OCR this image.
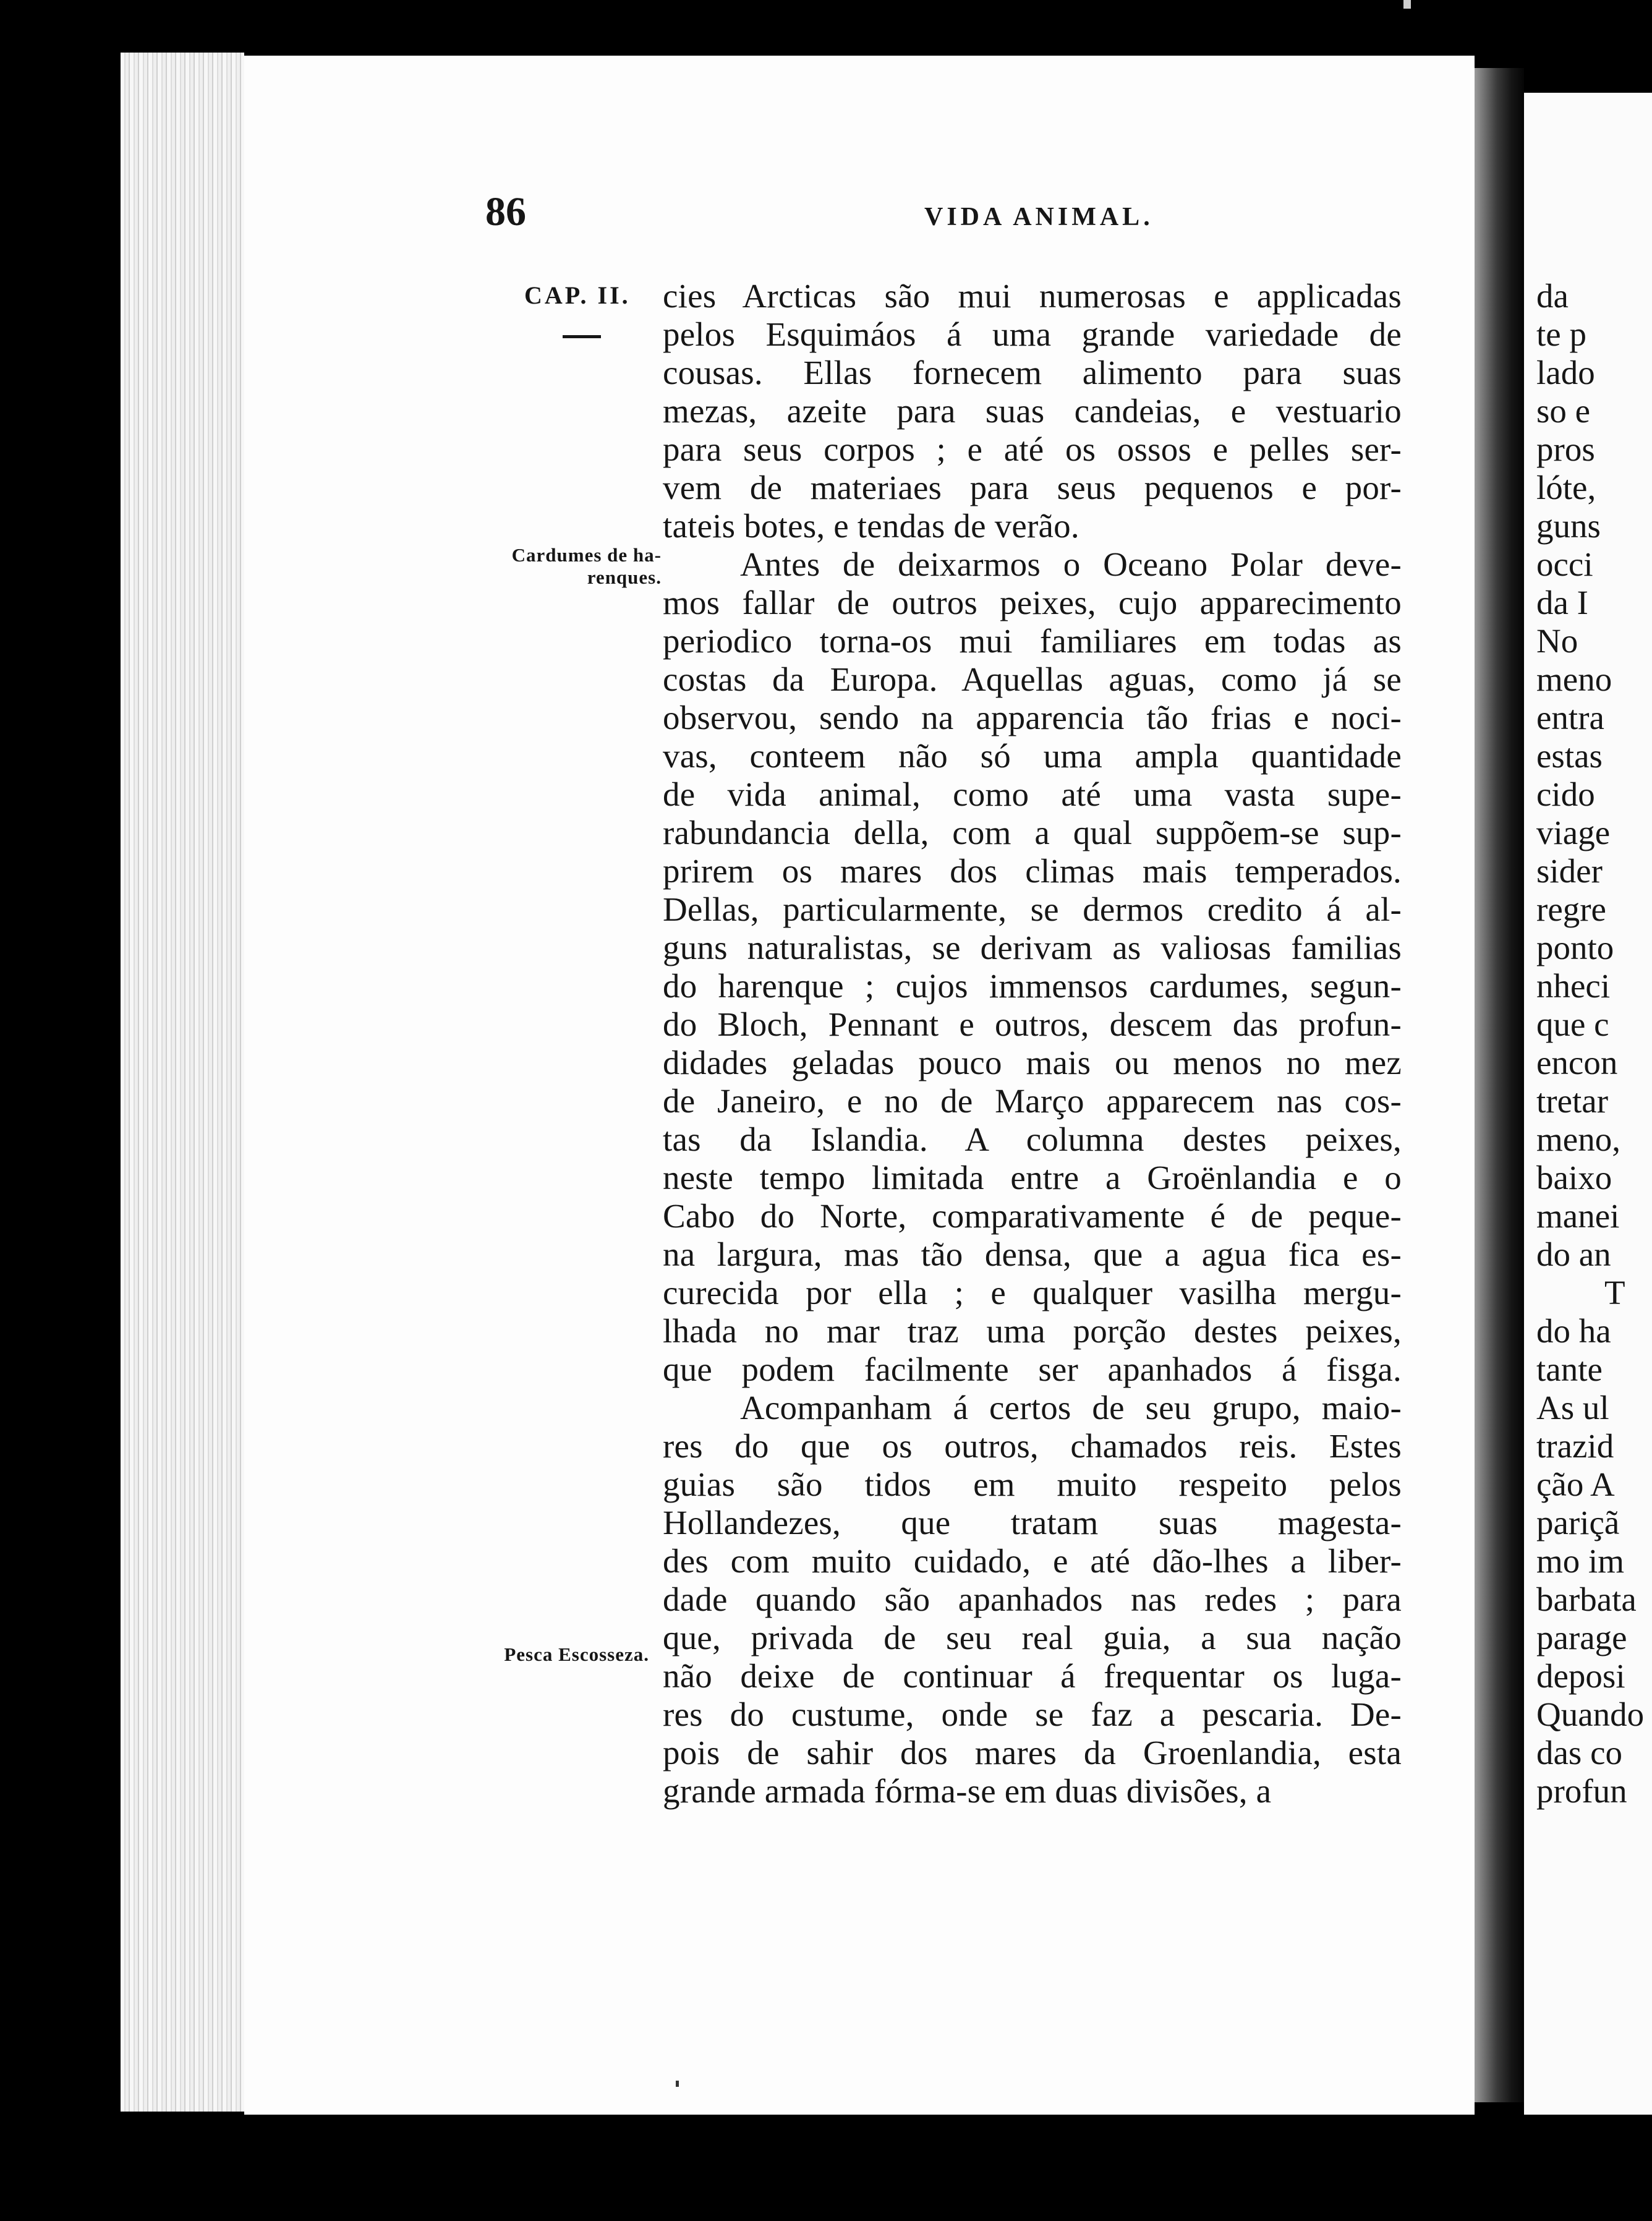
86	VIDA ANIMAL.
CAP. II.
Cardumes de ha-
renques.
Pesca Escosseza.
cies Arcticas são mui numerosas e applicadas
pelos Esquimáos á uma grande variedade de
cousas. Ellas fornecem alimento para suas
mezas, azeite para suas candeias, e vestuario
para seus corpos ; e até os ossos e pelles ser-
vem de materiaes para seus pequenos e por-
tateis botes, e tendas de verão.
Antes de deixarmos o Oceano Polar deve-
mos fallar de outros peixes, cujo apparecimento
periodico torna-os mui familiares em todas as
costas da Europa. Aquellas aguas, como já se
observou, sendo na apparencia tão frias e noci-
vas, conteem não só uma ampla quantidade
de vida animal, como até uma vasta supe-
rabundancia della, com a qual suppõem-se sup-
prirem os mares dos climas mais temperados.
Dellas, particularmente, se dermos credito á al-
guns naturalistas, se derivam as valiosas familias
do harenque ; cujos immensos cardumes, segun-
do Bloch, Pennant e outros, descem das profun-
didades geladas pouco mais ou menos no mez
de Janeiro, e no de Março apparecem nas cos-
tas da Islandia. A columna destes peixes,
neste tempo limitada entre a Groënlandia e o
Cabo do Norte, comparativamente é de peque-
na largura, mas tão densa, que a agua fica es-
curecida por ella ; e qualquer vasilha mergu-
lhada no mar traz uma porção destes peixes,
que podem facilmente ser apanhados á fisga.
Acompanham á certos de seu grupo, maio-
res do que os outros, chamados reis. Estes
guias são tidos em muito respeito pelos
Hollandezes, que tratam suas magesta-
des com muito cuidado, e até dão-lhes a liber-
dade quando são apanhados nas redes ; para
que, privada de seu real guia, a sua nação
não deixe de continuar á frequentar os luga-
res do custume, onde se faz a pescaria. De-
pois de sahir dos mares da Groenlandia, esta
grande armada fórma-se em duas divisões, a
da
te p
lado
so e
pros
lóte,
guns
occi
da I
No
meno
entra
estas
cido
viage
sider
regre
ponto
nheci
que c
encon
tretar
meno,
baixo
manei
do an
T
do ha
tante
As ul
trazid
ção A
pariçã
mo im
barbata
parage
deposi
Quando
das co
profun
